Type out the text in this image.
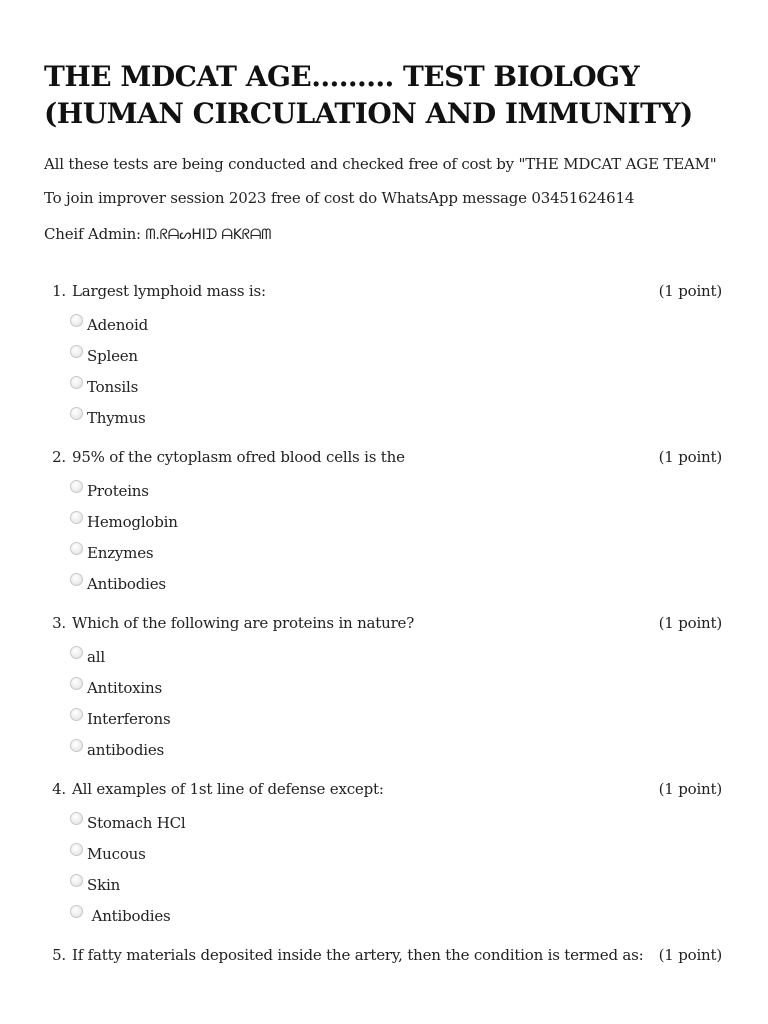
THE MDCAT AGE……… TEST BIOLOGY
(HUMAN CIRCULATION AND IMMUNITY)

All these tests are being conducted and checked free of cost by "THE MDCAT AGE TEAM"

To join improver session 2023 free of cost do WhatsApp message 03451624614

Cheif Admin: ᗰ.ᖇᗩᔕᕼIᗪ ᗩKᖇᗩᗰ

1. Largest lymphoid mass is:	(1 point)
Adenoid
Spleen
Tonsils
Thymus
2. 95% of the cytoplasm ofred blood cells is the	(1 point)
Proteins
Hemoglobin
Enzymes
Antibodies
3. Which of the following are proteins in nature?	(1 point)
all
Antitoxins
Interferons
antibodies
4. All examples of 1st line of defense except:	(1 point)
Stomach HCl
Mucous
Skin
Antibodies
5. If fatty materials deposited inside the artery, then the condition is termed as:	(1 point)
